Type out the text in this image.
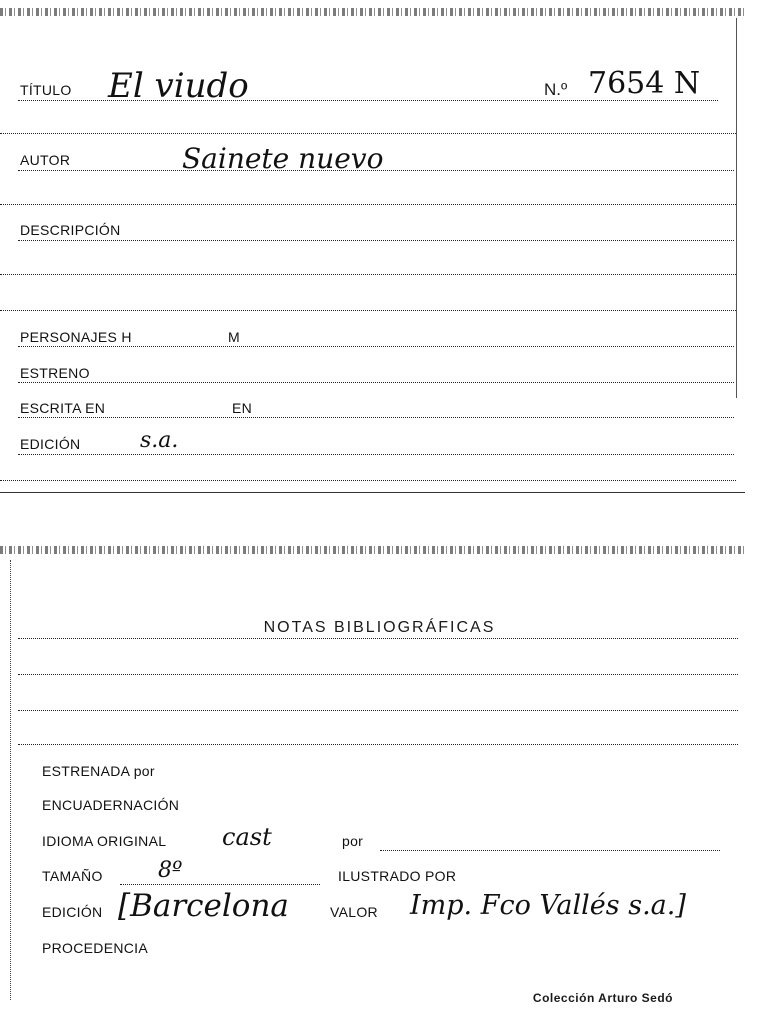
TÍTULO El viudo	N.º 7654 N
AUTOR	Sainete nuevo
DESCRIPCIÓN
PERSONAJES H	M
ESTRENO
ESCRITA EN	EN
EDICIÓN	s.a.
NOTAS BIBLIOGRÁFICAS
ESTRENADA por
ENCUADERNACIÓN
IDIOMA ORIGINAL cast	por
TAMAÑO	8º	ILUSTRADO POR
EDICIÓN [Barcelona	VALOR Imp. Fco Vallés s.a.]
PROCEDENCIA
Colección Arturo Sedó
